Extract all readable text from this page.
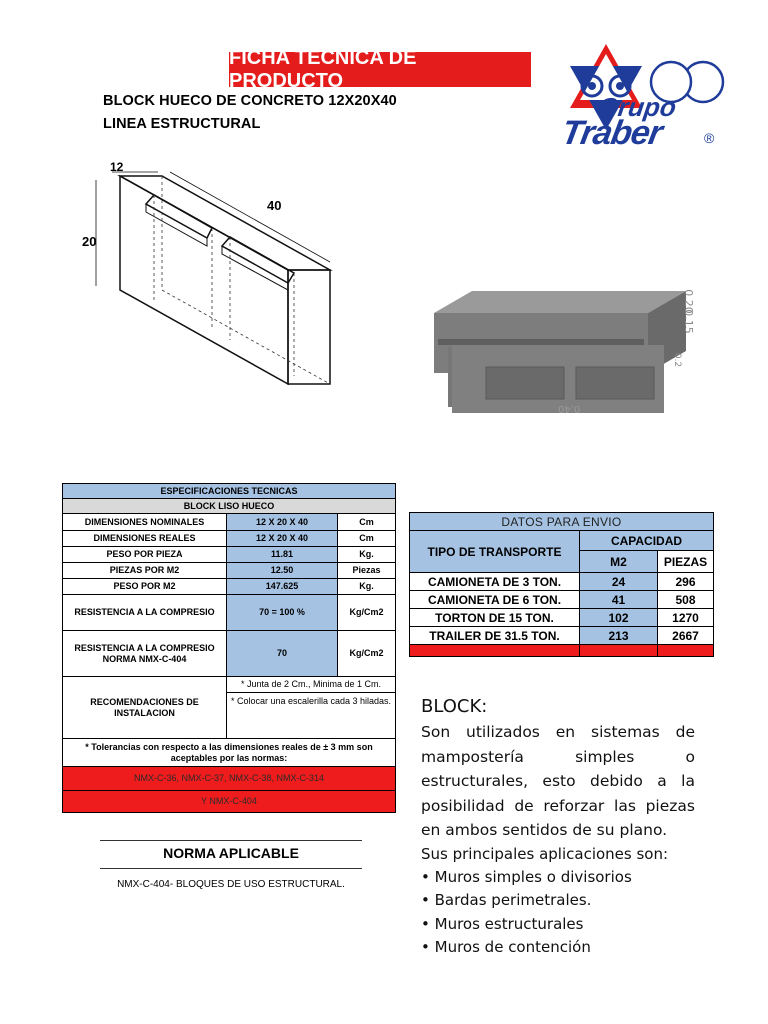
FICHA TECNICA DE PRODUCTO
BLOCK HUECO DE CONCRETO 12X20X40
LINEA ESTRUCTURAL
Grupo
Traber	®
12
40
20
0.20
0.15
0.2
0.40
ESPECIFICACIONES TECNICAS		
BLOCK LISO HUECO		
DIMENSIONES NOMINALES	12 X 20 X 40	Cm
DIMENSIONES REALES	12 X 20 X 40	Cm
PESO POR PIEZA	11.81	Kg.
PIEZAS POR M2	12.50	Piezas
PESO POR M2	147.625	Kg.
RESISTENCIA A LA COMPRESIO	70 = 100 %	Kg/Cm2
RESISTENCIA A LA COMPRESIO NORMA NMX-C-404	70	Kg/Cm2
RECOMENDACIONES DE INSTALACION	* Junta de 2 Cm., Minima de 1 Cm.	
	* Colocar una escalerilla cada 3 hiladas.	
* Tolerancias con respecto a las dimensiones reales de ± 3 mm son aceptables por las normas:		
NMX-C-36, NMX-C-37, NMX-C-38, NMX-C-314		
Y NMX-C-404		
DATOS PARA ENVIO		
TIPO DE TRANSPORTE	CAPACIDAD	
	M2	PIEZAS
CAMIONETA DE 3 TON.	24	296
CAMIONETA DE 6 TON.	41	508
TORTON DE 15 TON.	102	1270
TRAILER DE 31.5 TON.	213	2667

BLOCK:
Son utilizados en sistemas de mampostería simples o estructurales, esto debido a la posibilidad de reforzar las piezas en ambos sentidos de su plano.
Sus principales aplicaciones son:
• Muros simples o divisorios
• Bardas perimetrales.
• Muros estructurales
• Muros de contención
NORMA APLICABLE
NMX-C-404- BLOQUES DE USO ESTRUCTURAL.
